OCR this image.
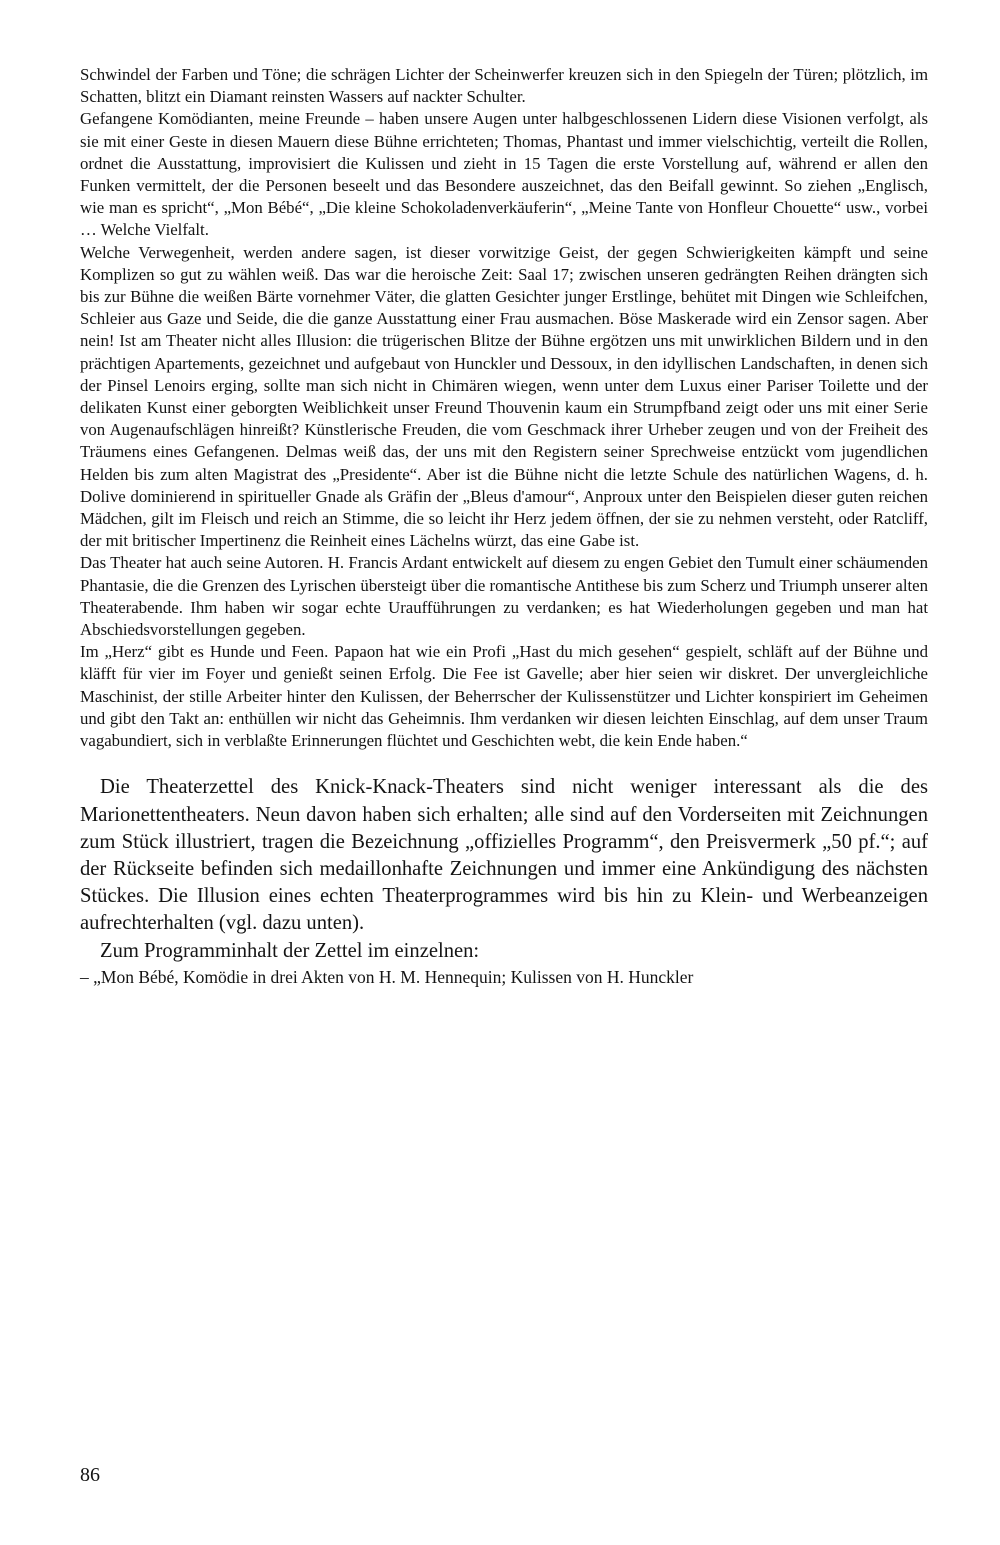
Schwindel der Farben und Töne; die schrägen Lichter der Scheinwerfer kreuzen sich in den Spiegeln der Türen; plötzlich, im Schatten, blitzt ein Diamant reinsten Wassers auf nackter Schulter.

Gefangene Komödianten, meine Freunde – haben unsere Augen unter halbgeschlossenen Lidern diese Visionen verfolgt, als sie mit einer Geste in diesen Mauern diese Bühne errichteten; Thomas, Phantast und immer vielschichtig, verteilt die Rollen, ordnet die Ausstattung, improvisiert die Kulissen und zieht in 15 Tagen die erste Vorstellung auf, während er allen den Funken vermittelt, der die Personen beseelt und das Besondere auszeichnet, das den Beifall gewinnt. So ziehen „Englisch, wie man es spricht“, „Mon Bébé“, „Die kleine Schokoladenverkäuferin“, „Meine Tante von Honfleur Chouette“ usw., vorbei … Welche Vielfalt.

Welche Verwegenheit, werden andere sagen, ist dieser vorwitzige Geist, der gegen Schwierigkeiten kämpft und seine Komplizen so gut zu wählen weiß. Das war die heroische Zeit: Saal 17; zwischen unseren gedrängten Reihen drängten sich bis zur Bühne die weißen Bärte vornehmer Väter, die glatten Gesichter junger Erstlinge, behütet mit Dingen wie Schleifchen, Schleier aus Gaze und Seide, die die ganze Ausstattung einer Frau ausmachen. Böse Maskerade wird ein Zensor sagen. Aber nein! Ist am Theater nicht alles Illusion: die trügerischen Blitze der Bühne ergötzen uns mit unwirklichen Bildern und in den prächtigen Apartements, gezeichnet und aufgebaut von Hunckler und Dessoux, in den idyllischen Landschaften, in denen sich der Pinsel Lenoirs erging, sollte man sich nicht in Chimären wiegen, wenn unter dem Luxus einer Pariser Toilette und der delikaten Kunst einer geborgten Weiblichkeit unser Freund Thouvenin kaum ein Strumpfband zeigt oder uns mit einer Serie von Augenaufschlägen hinreißt? Künstlerische Freuden, die vom Geschmack ihrer Urheber zeugen und von der Freiheit des Träumens eines Gefangenen. Delmas weiß das, der uns mit den Registern seiner Sprechweise entzückt vom jugendlichen Helden bis zum alten Magistrat des „Presidente“. Aber ist die Bühne nicht die letzte Schule des natürlichen Wagens, d. h. Dolive dominierend in spiritueller Gnade als Gräfin der „Bleus d'amour“, Anproux unter den Beispielen dieser guten reichen Mädchen, gilt im Fleisch und reich an Stimme, die so leicht ihr Herz jedem öffnen, der sie zu nehmen versteht, oder Ratcliff, der mit britischer Impertinenz die Reinheit eines Lächelns würzt, das eine Gabe ist.

Das Theater hat auch seine Autoren. H. Francis Ardant entwickelt auf diesem zu engen Gebiet den Tumult einer schäumenden Phantasie, die die Grenzen des Lyrischen übersteigt über die romantische Antithese bis zum Scherz und Triumph unserer alten Theaterabende. Ihm haben wir sogar echte Uraufführungen zu verdanken; es hat Wiederholungen gegeben und man hat Abschiedsvorstellungen gegeben.

Im „Herz“ gibt es Hunde und Feen. Papaon hat wie ein Profi „Hast du mich gesehen“ gespielt, schläft auf der Bühne und kläfft für vier im Foyer und genießt seinen Erfolg. Die Fee ist Gavelle; aber hier seien wir diskret. Der unvergleichliche Maschinist, der stille Arbeiter hinter den Kulissen, der Beherrscher der Kulissenstützer und Lichter konspiriert im Geheimen und gibt den Takt an: enthüllen wir nicht das Geheimnis. Ihm verdanken wir diesen leichten Einschlag, auf dem unser Traum vagabundiert, sich in verblaßte Erinnerungen flüchtet und Geschichten webt, die kein Ende haben.“

Die Theaterzettel des Knick-Knack-Theaters sind nicht weniger interessant als die des Marionettentheaters. Neun davon haben sich erhalten; alle sind auf den Vorderseiten mit Zeichnungen zum Stück illustriert, tragen die Bezeichnung „offizielles Programm“, den Preisvermerk „50 pf.“; auf der Rückseite befinden sich medaillonhafte Zeichnungen und immer eine Ankündigung des nächsten Stückes. Die Illusion eines echten Theaterprogrammes wird bis hin zu Klein- und Werbeanzeigen aufrechterhalten (vgl. dazu unten).

Zum Programminhalt der Zettel im einzelnen:

– „Mon Bébé, Komödie in drei Akten von H. M. Hennequin; Kulissen von H. Hunckler

86
